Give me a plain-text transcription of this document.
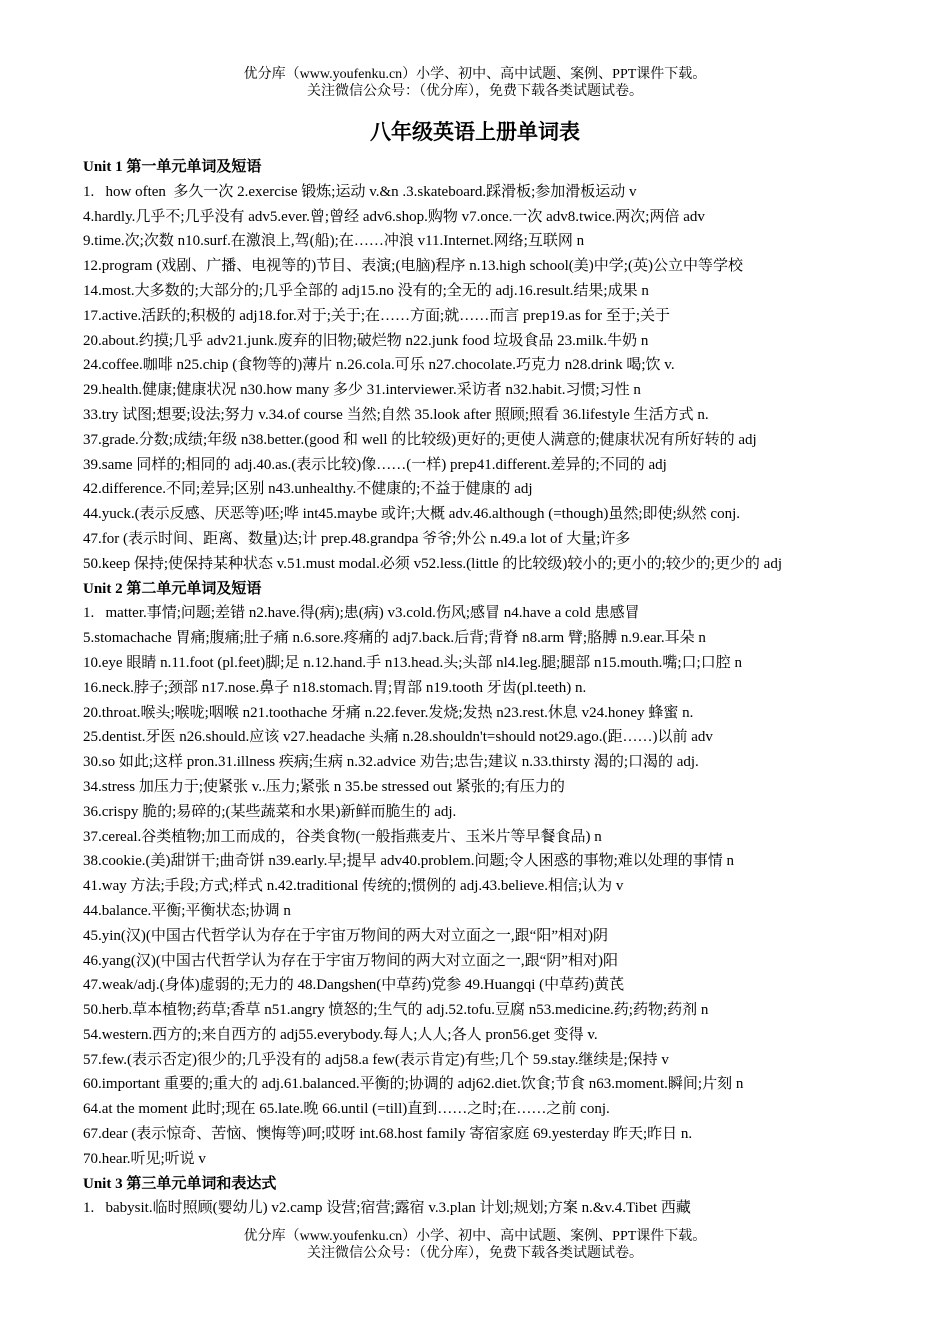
优分库（www.youfenku.cn）小学、初中、高中试题、案例、PPT课件下载。
关注微信公众号：（优分库），免费下载各类试题试卷。
八年级英语上册单词表
Unit 1 第一单元单词及短语
1.   how often  多久一次 2.exercise 锻炼;运动 v.&n .3.skateboard.踩滑板;参加滑板运动 v
4.hardly.几乎不;几乎没有 adv5.ever.曾;曾经 adv6.shop.购物 v7.once.一次 adv8.twice.两次;两倍 adv
9.time.次;次数 n10.surf.在激浪上,驾(船);在……冲浪 v11.Internet.网络;互联网 n
12.program (戏剧、广播、电视等的)节目、表演;(电脑)程序 n.13.high school(美)中学;(英)公立中等学校
14.most.大多数的;大部分的;几乎全部的 adj15.no 没有的;全无的 adj.16.result.结果;成果 n
17.active.活跃的;积极的 adj18.for.对于;关于;在……方面;就……而言 prep19.as for 至于;关于
20.about.约摸;几乎 adv21.junk.废弃的旧物;破烂物 n22.junk food 垃圾食品 23.milk.牛奶 n
24.coffee.咖啡 n25.chip (食物等的)薄片 n.26.cola.可乐 n27.chocolate.巧克力 n28.drink 喝;饮 v.
29.health.健康;健康状况 n30.how many 多少 31.interviewer.采访者 n32.habit.习惯;习性 n
33.try 试图;想要;设法;努力 v.34.of course 当然;自然 35.look after 照顾;照看 36.lifestyle 生活方式 n.
37.grade.分数;成绩;年级 n38.better.(good 和 well 的比较级)更好的;更使人满意的;健康状况有所好转的 adj
39.same 同样的;相同的 adj.40.as.(表示比较)像……(一样) prep41.different.差异的;不同的 adj
42.difference.不同;差异;区别 n43.unhealthy.不健康的;不益于健康的 adj
44.yuck.(表示反感、厌恶等)呸;哗 int45.maybe 或许;大概 adv.46.although (=though)虽然;即使;纵然 conj.
47.for (表示时间、距离、数量)达;计 prep.48.grandpa 爷爷;外公 n.49.a lot of 大量;许多
50.keep 保持;使保持某种状态 v.51.must modal.必须 v52.less.(little 的比较级)较小的;更小的;较少的;更少的 adj
Unit 2 第二单元单词及短语
1.   matter.事情;问题;差错 n2.have.得(病);患(病) v3.cold.伤风;感冒 n4.have a cold 患感冒
5.stomachache 胃痛;腹痛;肚子痛 n.6.sore.疼痛的 adj7.back.后背;背脊 n8.arm 臂;胳膊 n.9.ear.耳朵 n
10.eye 眼睛 n.11.foot (pl.feet)脚;足 n.12.hand.手 n13.head.头;头部 nl4.leg.腿;腿部 n15.mouth.嘴;口;口腔 n
16.neck.脖子;颈部 n17.nose.鼻子 n18.stomach.胃;胃部 n19.tooth 牙齿(pl.teeth) n.
20.throat.喉头;喉咙;咽喉 n21.toothache 牙痛 n.22.fever.发烧;发热 n23.rest.休息 v24.honey 蜂蜜 n.
25.dentist.牙医 n26.should.应该 v27.headache 头痛 n.28.shouldn't=should not29.ago.(距……)以前 adv
30.so 如此;这样 pron.31.illness 疾病;生病 n.32.advice 劝告;忠告;建议 n.33.thirsty 渴的;口渴的 adj.
34.stress 加压力于;使紧张 v..压力;紧张 n 35.be stressed out 紧张的;有压力的
36.crispy 脆的;易碎的;(某些蔬菜和水果)新鲜而脆生的 adj.
37.cereal.谷类植物;加工而成的，谷类食物(一般指燕麦片、玉米片等早餐食品) n
38.cookie.(美)甜饼干;曲奇饼 n39.early.早;提早 adv40.problem.问题;令人困惑的事物;难以处理的事情 n
41.way 方法;手段;方式;样式 n.42.traditional 传统的;惯例的 adj.43.believe.相信;认为 v
44.balance.平衡;平衡状态;协调 n
45.yin(汉)(中国古代哲学认为存在于宇宙万物间的两大对立面之一,跟“阳”相对)阴
46.yang(汉)(中国古代哲学认为存在于宇宙万物间的两大对立面之一,跟“阴”相对)阳
47.weak/adj.(身体)虚弱的;无力的 48.Dangshen(中草药)党参 49.Huangqi (中草药)黄芪
50.herb.草本植物;药草;香草 n51.angry 愤怒的;生气的 adj.52.tofu.豆腐 n53.medicine.药;药物;药剂 n
54.western.西方的;来自西方的 adj55.everybody.每人;人人;各人 pron56.get 变得 v.
57.few.(表示否定)很少的;几乎没有的 adj58.a few(表示肯定)有些;几个 59.stay.继续是;保持 v
60.important 重要的;重大的 adj.61.balanced.平衡的;协调的 adj62.diet.饮食;节食 n63.moment.瞬间;片刻 n
64.at the moment 此时;现在 65.late.晚 66.until (=till)直到……之时;在……之前 conj.
67.dear (表示惊奇、苦恼、懊悔等)呵;哎呀 int.68.host family 寄宿家庭 69.yesterday 昨天;昨日 n.
70.hear.听见;听说 v
Unit 3 第三单元单词和表达式
1.   babysit.临时照顾(婴幼儿) v2.camp 设营;宿营;露宿 v.3.plan 计划;规划;方案 n.&v.4.Tibet 西藏
优分库（www.youfenku.cn）小学、初中、高中试题、案例、PPT课件下载。
关注微信公众号：（优分库），免费下载各类试题试卷。
